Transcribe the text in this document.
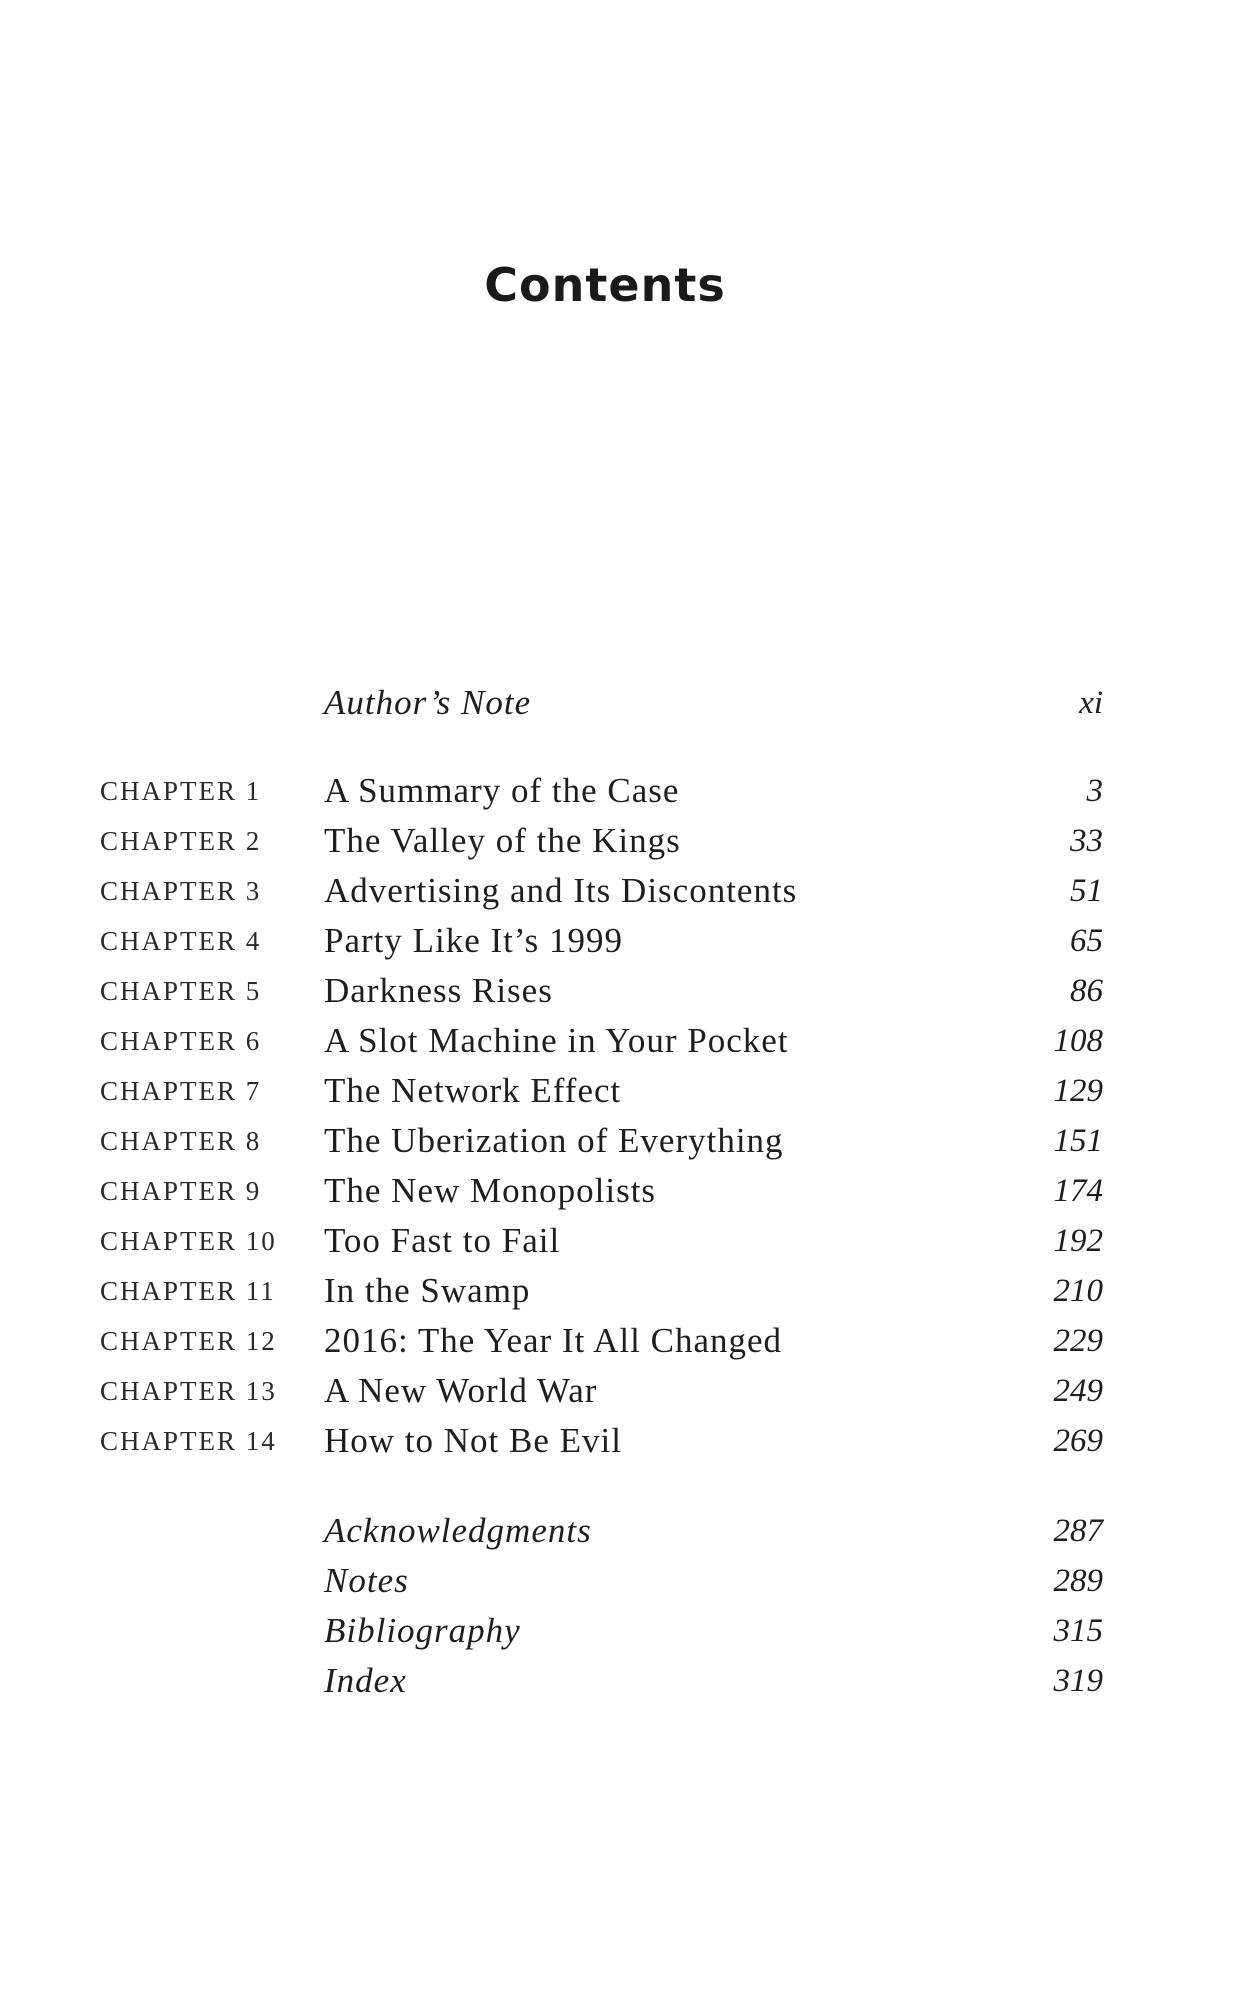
Contents
Author’s Note	xi
CHAPTER 1 A Summary of the Case	3
CHAPTER 2 The Valley of the Kings	33
CHAPTER 3 Advertising and Its Discontents	51
CHAPTER 4 Party Like It’s 1999	65
CHAPTER 5 Darkness Rises	86
CHAPTER 6 A Slot Machine in Your Pocket	108
CHAPTER 7 The Network Effect	129
CHAPTER 8 The Uberization of Everything	151
CHAPTER 9 The New Monopolists	174
CHAPTER 10 Too Fast to Fail	192
CHAPTER 11 In the Swamp	210
CHAPTER 12 2016: The Year It All Changed	229
CHAPTER 13 A New World War	249
CHAPTER 14 How to Not Be Evil	269
Acknowledgments	287
Notes	289
Bibliography	315
Index	319
